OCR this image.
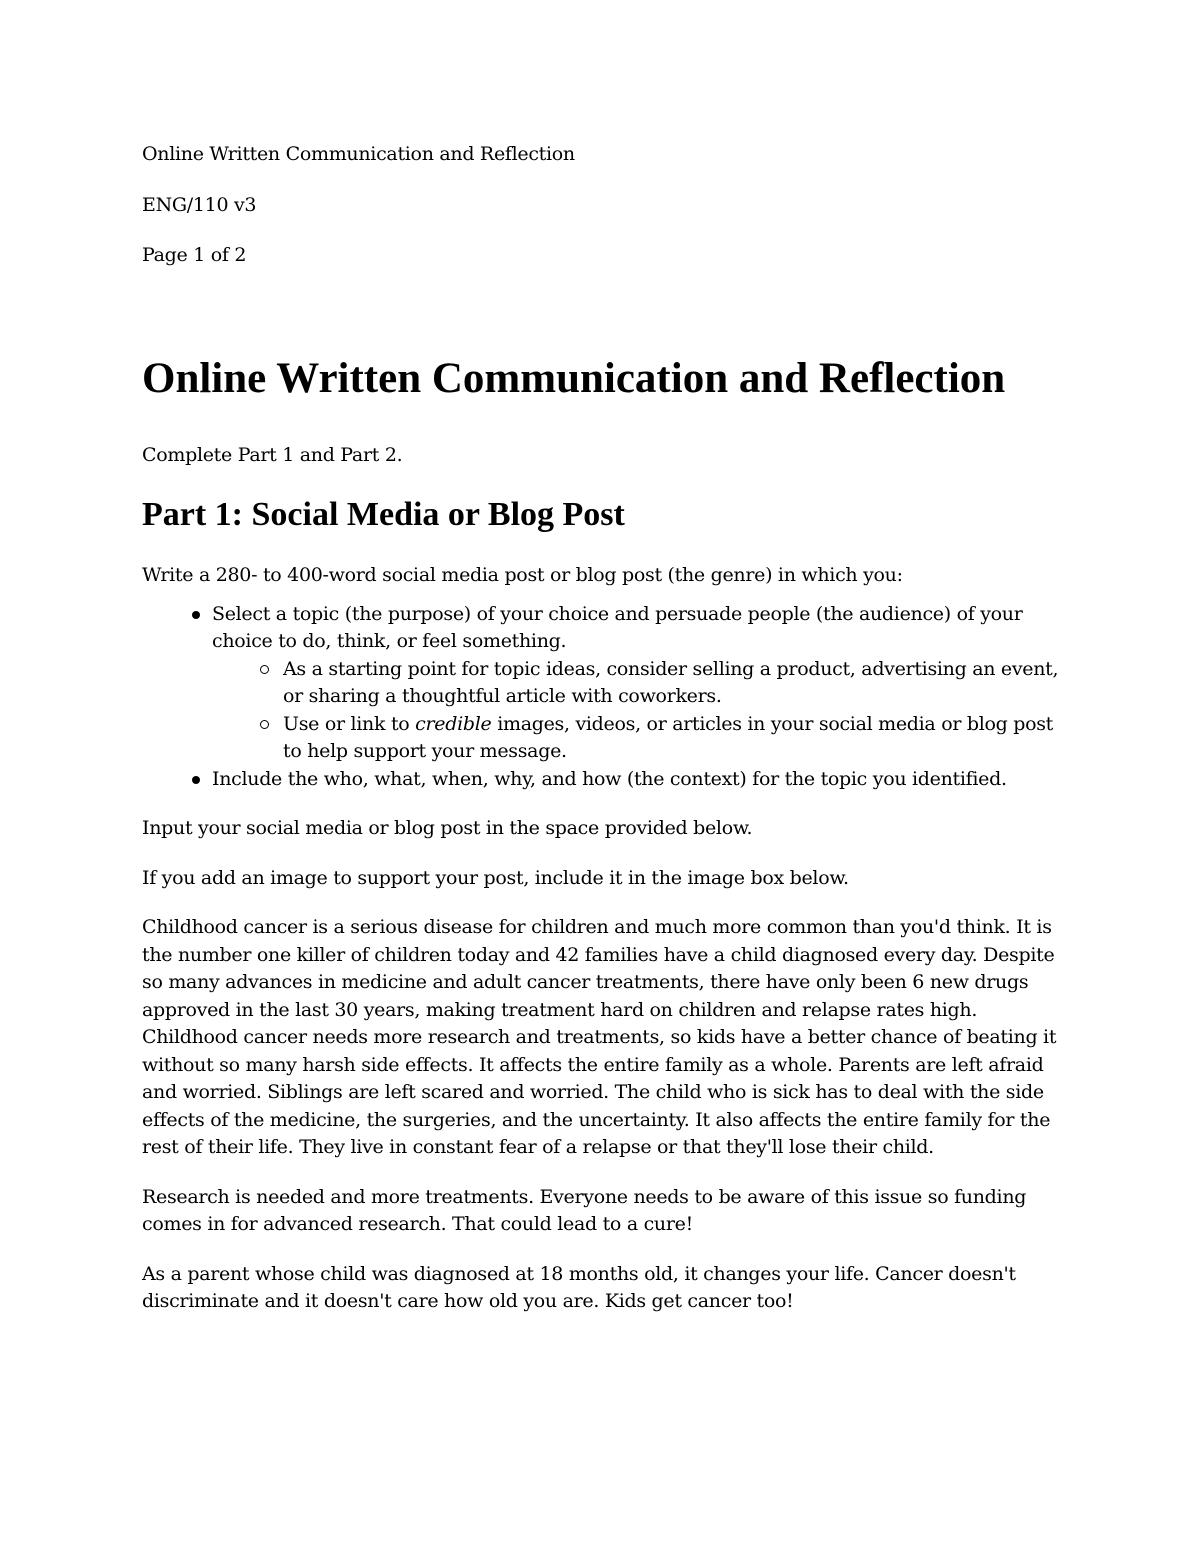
Online Written Communication and Reflection

ENG/110 v3

Page 1 of 2

Online Written Communication and Reflection

Complete Part 1 and Part 2.

Part 1: Social Media or Blog Post

Write a 280- to 400-word social media post or blog post (the genre) in which you:

Select a topic (the purpose) of your choice and persuade people (the audience) of your choice to do, think, or feel something.
As a starting point for topic ideas, consider selling a product, advertising an event, or sharing a thoughtful article with coworkers.
Use or link to credible images, videos, or articles in your social media or blog post to help support your message.
Include the who, what, when, why, and how (the context) for the topic you identified.

Input your social media or blog post in the space provided below.

If you add an image to support your post, include it in the image box below.

Childhood cancer is a serious disease for children and much more common than you'd think. It is the number one killer of children today and 42 families have a child diagnosed every day. Despite so many advances in medicine and adult cancer treatments, there have only been 6 new drugs approved in the last 30 years, making treatment hard on children and relapse rates high. Childhood cancer needs more research and treatments, so kids have a better chance of beating it without so many harsh side effects. It affects the entire family as a whole. Parents are left afraid and worried. Siblings are left scared and worried. The child who is sick has to deal with the side effects of the medicine, the surgeries, and the uncertainty. It also affects the entire family for the rest of their life. They live in constant fear of a relapse or that they'll lose their child.

Research is needed and more treatments. Everyone needs to be aware of this issue so funding comes in for advanced research. That could lead to a cure!

As a parent whose child was diagnosed at 18 months old, it changes your life. Cancer doesn't discriminate and it doesn't care how old you are. Kids get cancer too!
